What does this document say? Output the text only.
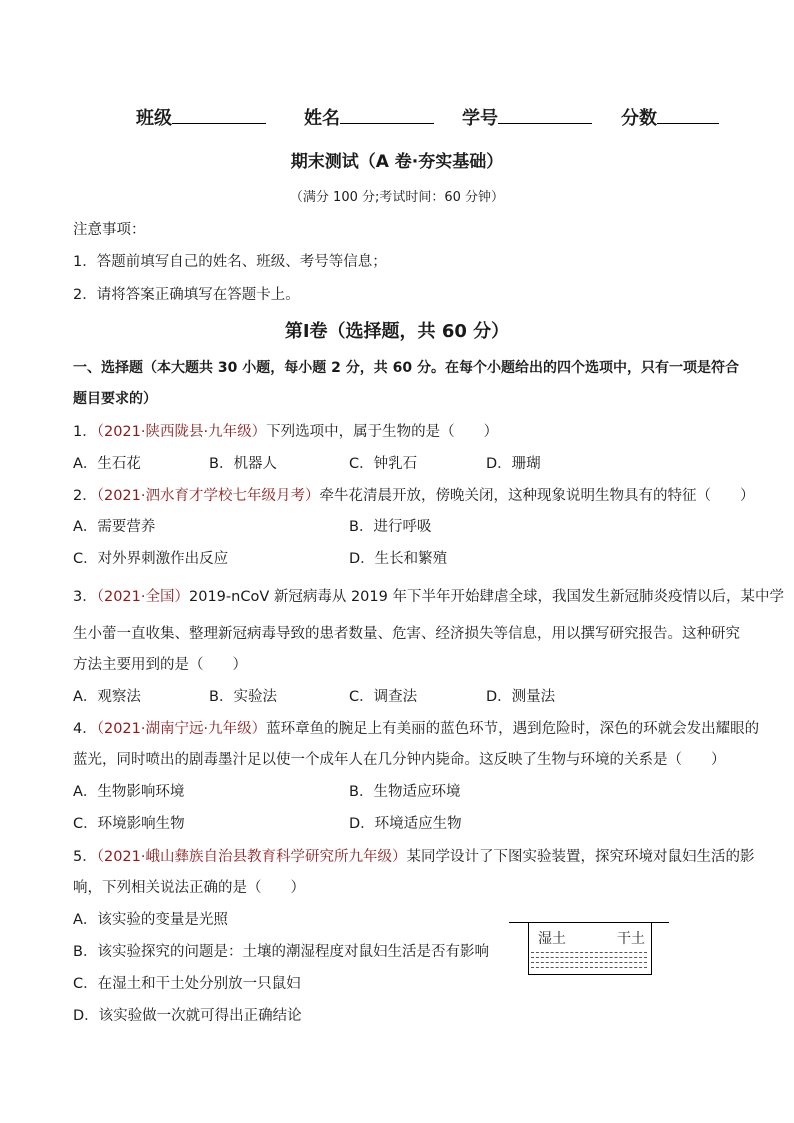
班级	姓名	学号	分数
期末测试（A 卷·夯实基础）
（满分 100 分;考试时间：60 分钟）
注意事项：
1．答题前填写自己的姓名、班级、考号等信息；
2．请将答案正确填写在答题卡上。
第Ⅰ卷（选择题，共 60 分）
一、选择题（本大题共 30 小题，每小题 2 分，共 60 分。在每个小题给出的四个选项中，只有一项是符合
题目要求的）
1．（2021·陕西陇县·九年级）下列选项中，属于生物的是（　　）
A．生石花	B．机器人	C．钟乳石	D．珊瑚
2．（2021·泗水育才学校七年级月考）牵牛花清晨开放，傍晚关闭，这种现象说明生物具有的特征（　　）
A．需要营养	B．进行呼吸
C．对外界刺激作出反应	D．生长和繁殖
3．（2021·全国）2019-nCoV 新冠病毒从 2019 年下半年开始肆虐全球，我国发生新冠肺炎疫情以后，某中学
生小蕾一直收集、整理新冠病毒导致的患者数量、危害、经济损失等信息，用以撰写研究报告。这种研究
方法主要用到的是（　　）
A．观察法	B．实验法	C．调查法	D．测量法
4．（2021·湖南宁远·九年级）蓝环章鱼的腕足上有美丽的蓝色环节，遇到危险时，深色的环就会发出耀眼的
蓝光，同时喷出的剧毒墨汁足以使一个成年人在几分钟内毙命。这反映了生物与环境的关系是（　　）
A．生物影响环境	B．生物适应环境
C．环境影响生物	D．环境适应生物
5．（2021·峨山彝族自治县教育科学研究所九年级）某同学设计了下图实验装置，探究环境对鼠妇生活的影
响，下列相关说法正确的是（　　）
A．该实验的变量是光照
B．该实验探究的问题是：土壤的潮湿程度对鼠妇生活是否有影响
C．在湿土和干土处分别放一只鼠妇
D．该实验做一次就可得出正确结论
湿土	干土
